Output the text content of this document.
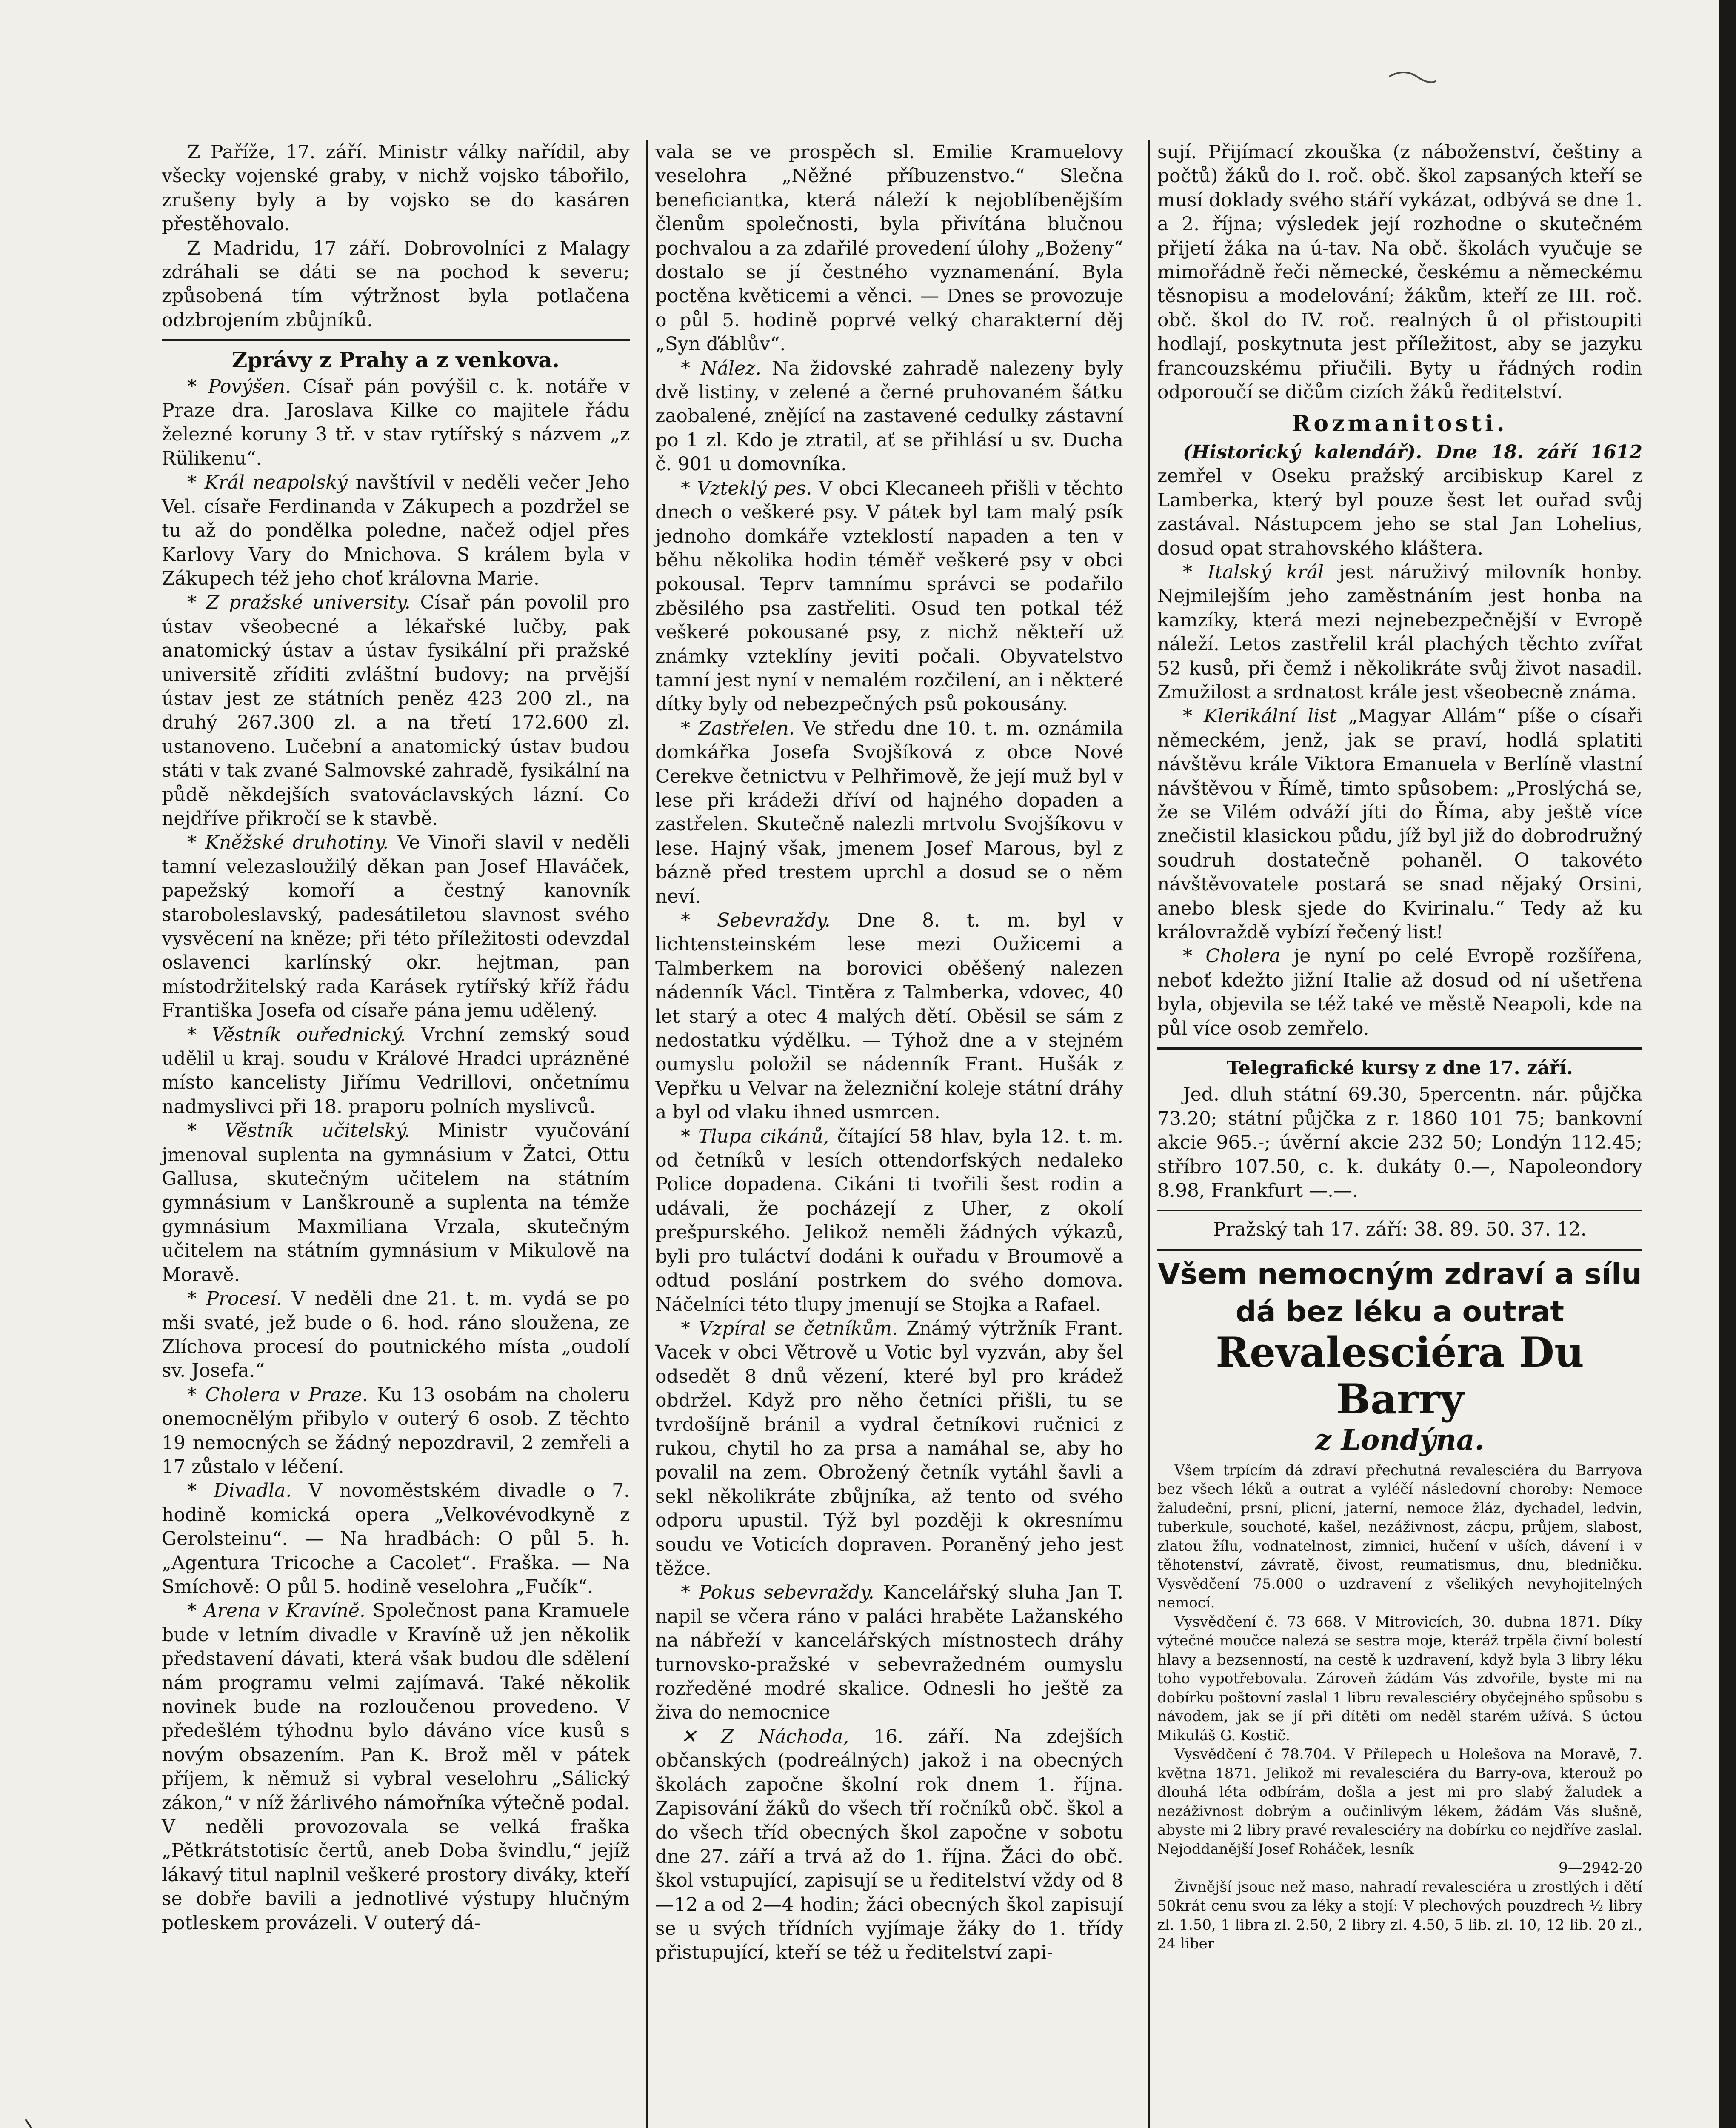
Z Paříže, 17. září. Ministr války nařídil, aby všecky vojenské graby, v nichž vojsko tábořilo, zrušeny byly a by vojsko se do kasáren přestěhovalo.

Z Madridu, 17 září. Dobrovolníci z Malagy zdráhali se dáti se na pochod k severu; způsobená tím výtržnost byla potlačena odzbrojením zbůjníků.

Zprávy z Prahy a z venkova.

* Povýšen. Císař pán povýšil c. k. notáře v Praze dra. Jaroslava Kilke co majitele řádu železné koruny 3 tř. v stav rytířský s názvem „z Rülikenu“.

* Král neapolský navštívil v neděli večer Jeho Vel. císaře Ferdinanda v Zákupech a pozdržel se tu až do pondělka poledne, načež odjel přes Karlovy Vary do Mnichova. S králem byla v Zákupech též jeho choť královna Marie.

* Z pražské university. Císař pán povolil pro ústav všeobecné a lékařské lučby, pak anatomický ústav a ústav fysikální při pražské universitě zříditi zvláštní budovy; na prvější ústav jest ze státních peněz 423 200 zl., na druhý 267.300 zl. a na třetí 172.600 zl. ustanoveno. Lučební a anatomický ústav budou státi v tak zvané Salmovské zahradě, fysikální na půdě někdejších svatováclavských lázní. Co nejdříve přikročí se k stavbě.

* Kněžské druhotiny. Ve Vinoři slavil v neděli tamní velezasloužilý děkan pan Josef Hlaváček, papežský komoří a čestný kanovník staroboleslavský, padesátiletou slavnost svého vysvěcení na kněze; při této příležitosti odevzdal oslavenci karlínský okr. hejtman, pan místodržitelský rada Karásek rytířský kříž řádu Františka Josefa od císaře pána jemu udělený.

* Věstník ouřednický. Vrchní zemský soud udělil u kraj. soudu v Králové Hradci uprázněné místo kancelisty Jiřímu Vedrillovi, ončetnímu nadmyslivci při 18. praporu polních myslivců.

* Věstník učitelský. Ministr vyučování jmenoval suplenta na gymnásium v Žatci, Ottu Gallusa, skutečným učitelem na státním gymnásium v Lanškrouně a suplenta na témže gymnásium Maxmiliana Vrzala, skutečným učitelem na státním gymnásium v Mikulově na Moravě.

* Procesí. V neděli dne 21. t. m. vydá se po mši svaté, jež bude o 6. hod. ráno sloužena, ze Zlíchova procesí do poutnického místa „oudolí sv. Josefa.“

* Cholera v Praze. Ku 13 osobám na choleru onemocnělým přibylo v outerý 6 osob. Z těchto 19 nemocných se žádný nepozdravil, 2 zemřeli a 17 zůstalo v léčení.

* Divadla. V novoměstském divadle o 7. hodině komická opera „Velkovévodkyně z Gerolsteinu“. — Na hradbách: O půl 5. h. „Agentura Tricoche a Cacolet“. Fraška. — Na Smíchově: O půl 5. hodině veselohra „Fučík“.

* Arena v Kravíně. Společnost pana Kramuele bude v letním divadle v Kravíně už jen několik představení dávati, která však budou dle sdělení nám programu velmi zajímavá. Také několik novinek bude na rozloučenou provedeno. V předešlém týhodnu bylo dáváno více kusů s novým obsazením. Pan K. Brož měl v pátek příjem, k němuž si vybral veselohru „Sálický zákon,“ v níž žárlivého námořníka výtečně podal. V neděli provozovala se velká fraška „Pětkrátstotisíc čertů, aneb Doba švindlu,“ jejíž lákavý titul naplnil veškeré prostory diváky, kteří se dobře bavili a jednotlivé výstupy hlučným potleskem provázeli. V outerý dá-

vala se ve prospěch sl. Emilie Kramuelovy veselohra „Něžné příbuzenstvo.“ Slečna beneficiantka, která náleží k nejoblíbenějším členům společnosti, byla přivítána blučnou pochvalou a za zdařilé provedení úlohy „Boženy“ dostalo se jí čestného vyznamenání. Byla poctěna květicemi a věnci. — Dnes se provozuje o půl 5. hodině poprvé velký charakterní děj „Syn ďáblův“.

* Nález. Na židovské zahradě nalezeny byly dvě listiny, v zelené a černé pruhovaném šátku zaobalené, znějící na zastavené cedulky zástavní po 1 zl. Kdo je ztratil, ať se přihlásí u sv. Ducha č. 901 u domovníka.

* Vzteklý pes. V obci Klecaneeh přišli v těchto dnech o veškeré psy. V pátek byl tam malý psík jednoho domkáře vzteklostí napaden a ten v běhu několika hodin téměř veškeré psy v obci pokousal. Teprv tamnímu správci se podařilo zběsilého psa zastřeliti. Osud ten potkal též veškeré pokousané psy, z nichž někteří už známky vzteklíny jeviti počali. Obyvatelstvo tamní jest nyní v nemalém rozčilení, an i některé dítky byly od nebezpečných psů pokousány.

* Zastřelen. Ve středu dne 10. t. m. oznámila domkářka Josefa Svojšíková z obce Nové Cerekve četnictvu v Pelhřimově, že její muž byl v lese při krádeži dříví od hajného dopaden a zastřelen. Skutečně nalezli mrtvolu Svojšíkovu v lese. Hajný však, jmenem Josef Marous, byl z bázně před trestem uprchl a dosud se o něm neví.

* Sebevraždy. Dne 8. t. m. byl v lichtensteinském lese mezi Oužicemi a Talmberkem na borovici oběšený nalezen nádenník Václ. Tintěra z Talmberka, vdovec, 40 let starý a otec 4 malých dětí. Oběsil se sám z nedostatku výdělku. — Týhož dne a v stejném oumyslu položil se nádenník Frant. Hušák z Vepřku u Velvar na železniční koleje státní dráhy a byl od vlaku ihned usmrcen.

* Tlupa cikánů, čítající 58 hlav, byla 12. t. m. od četníků v lesích ottendorfských nedaleko Police dopadena. Cikáni ti tvořili šest rodin a udávali, že pocházejí z Uher, z okolí prešpurského. Jelikož neměli žádných výkazů, byli pro tuláctví dodáni k ouřadu v Broumově a odtud poslání postrkem do svého domova. Náčelníci této tlupy jmenují se Stojka a Rafael.

* Vzpíral se četníkům. Známý výtržník Frant. Vacek v obci Větrově u Votic byl vyzván, aby šel odsedět 8 dnů vězení, které byl pro krádež obdržel. Když pro něho četníci přišli, tu se tvrdošíjně bránil a vydral četníkovi ručnici z rukou, chytil ho za prsa a namáhal se, aby ho povalil na zem. Obrožený četník vytáhl šavli a sekl několikráte zbůjníka, až tento od svého odporu upustil. Týž byl později k okresnímu soudu ve Voticích dopraven. Poraněný jeho jest těžce.

* Pokus sebevraždy. Kancelářský sluha Jan T. napil se včera ráno v paláci hraběte Lažanského na nábřeží v kancelářských místnostech dráhy turnovsko-pražské v sebevražedném oumyslu rozředěné modré skalice. Odnesli ho ještě za živa do nemocnice

✕ Z Náchoda, 16. září. Na zdejších občanských (podreálných) jakož i na obecných školách započne školní rok dnem 1. října. Zapisování žáků do všech tří ročníků obč. škol a do všech tříd obecných škol započne v sobotu dne 27. září a trvá až do 1. října. Žáci do obč. škol vstupující, zapisují se u ředitelství vždy od 8—12 a od 2—4 hodin; žáci obecných škol zapisují se u svých třídních vyjímaje žáky do 1. třídy přistupující, kteří se též u ředitelství zapi-

sují. Přijímací zkouška (z náboženství, češtiny a počtů) žáků do I. roč. obč. škol zapsaných kteří se musí doklady svého stáří vykázat, odbývá se dne 1. a 2. října; výsledek její rozhodne o skutečném přijetí žáka na ú-tav. Na obč. školách vyučuje se mimořádně řeči německé, českému a německému těsnopisu a modelování; žákům, kteří ze III. roč. obč. škol do IV. roč. realných ů ol přistoupiti hodlají, poskytnuta jest příležitost, aby se jazyku francouzskému přiučili. Byty u řádných rodin odporoučí se dičům cizích žáků ředitelství.

Rozmanitosti.

(Historický kalendář). Dne 18. září 1612 zemřel v Oseku pražský arcibiskup Karel z Lamberka, který byl pouze šest let ouřad svůj zastával. Nástupcem jeho se stal Jan Lohelius, dosud opat strahovského kláštera.

* Italský král jest náruživý milovník honby. Nejmilejším jeho zaměstnáním jest honba na kamzíky, která mezi nejnebezpečnější v Evropě náleží. Letos zastřelil král plachých těchto zvířat 52 kusů, při čemž i několikráte svůj život nasadil. Zmužilost a srdnatost krále jest všeobecně známa.

* Klerikální list „Magyar Allám“ píše o císaři německém, jenž, jak se praví, hodlá splatiti návštěvu krále Viktora Emanuela v Berlíně vlastní návštěvou v Římě, timto spůsobem: „Proslýchá se, že se Vilém odváží jíti do Říma, aby ještě více znečistil klasickou půdu, jíž byl již do dobrodružný soudruh dostatečně pohaněl. O takovéto návštěvovatele postará se snad nějaký Orsini, anebo blesk sjede do Kvirinalu.“ Tedy až ku královraždě vybízí řečený list!

* Cholera je nyní po celé Evropě rozšířena, neboť kdežto jižní Italie až dosud od ní ušetřena byla, objevila se též také ve městě Neapoli, kde na půl více osob zemřelo.

Telegrafické kursy z dne 17. září.

Jed. dluh státní 69.30, 5percentn. nár. půjčka 73.20; státní půjčka z r. 1860 101 75; bankovní akcie 965.-; úvěrní akcie 232 50; Londýn 112.45; stříbro 107.50, c. k. dukáty 0.—, Napoleondory 8.98, Frankfurt —.—.

Pražský tah 17. září: 38. 89. 50. 37. 12.

Všem nemocným zdraví a sílu
dá bez léku a outrat
Revalesciéra Du Barry
z Londýna.

Všem trpícím dá zdraví přechutná revalesciéra du Barryova bez všech léků a outrat a vyléčí následovní choroby: Nemoce žaludeční, prsní, plicní, jaterní, nemoce žláz, dychadel, ledvin, tuberkule, souchoté, kašel, nezáživnost, zácpu, průjem, slabost, zlatou žílu, vodnatelnost, zimnici, hučení v uších, dávení i v těhotenství, závratě, čivost, reumatismus, dnu, bledničku. Vysvědčení 75.000 o uzdravení z všelikých nevyhojitelných nemocí.

Vysvědčení č. 73 668. V Mitrovicích, 30. dubna 1871. Díky výtečné moučce nalezá se sestra moje, kteráž trpěla čivní bolestí hlavy a bezsenností, na cestě k uzdravení, když byla 3 libry léku toho vypotřebovala. Zároveň žádám Vás zdvořile, byste mi na dobírku poštovní zaslal 1 libru revalesciéry obyčejného spůsobu s návodem, jak se jí při dítěti om neděl starém užívá. S úctou Mikuláš G. Kostič.

Vysvědčení č 78.704. V Přílepech u Holešova na Moravě, 7. května 1871. Jelikož mi revalesciéra du Barry-ova, kterouž po dlouhá léta odbírám, došla a jest mi pro slabý žaludek a nezáživnost dobrým a oučinlivým lékem, žádám Vás slušně, abyste mi 2 libry pravé revalesciéry na dobírku co nejdříve zaslal. Nejoddanější Josef Roháček, lesník

9—2942-20

Živnější jsouc než maso, nahradí revalesciéra u zrostlých i dětí 50krát cenu svou za léky a stojí: V plechových pouzdrech ½ libry zl. 1.50, 1 libra zl. 2.50, 2 libry zl. 4.50, 5 lib. zl. 10, 12 lib. 20 zl., 24 liber
